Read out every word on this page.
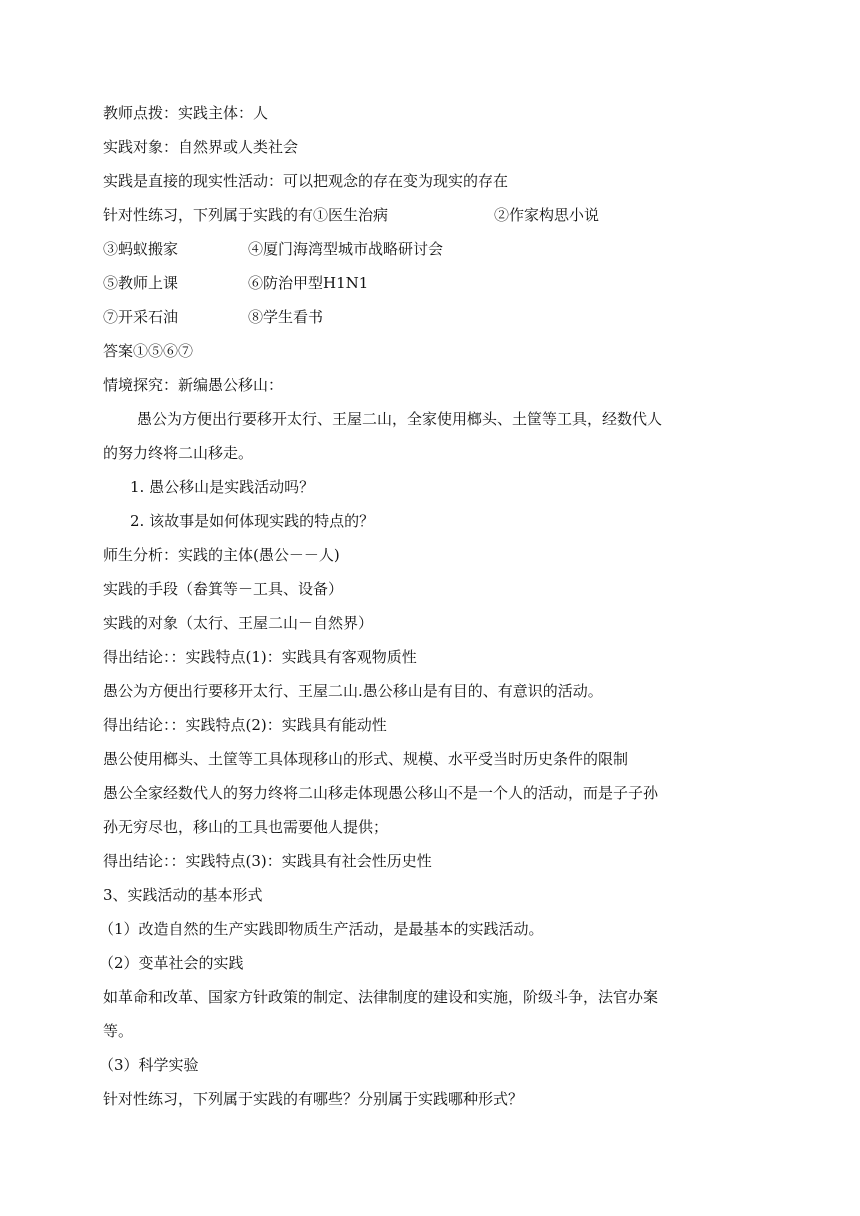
教师点拨：实践主体：人
实践对象：自然界或人类社会
实践是直接的现实性活动：可以把观念的存在变为现实的存在
针对性练习，下列属于实践的有①医生治病	②作家构思小说
③蚂蚁搬家	④厦门海湾型城市战略研讨会
⑤教师上课	⑥防治甲型H1N1
⑦开采石油	⑧学生看书
答案①⑤⑥⑦
情境探究：新编愚公移山：
愚公为方便出行要移开太行、王屋二山，全家使用榔头、土筐等工具，经数代人
的努力终将二山移走。
1. 愚公移山是实践活动吗？
2. 该故事是如何体现实践的特点的？
师生分析：实践的主体(愚公－－人)
实践的手段（畚箕等－工具、设备）
实践的对象（太行、王屋二山－自然界）
得出结论：：实践特点(1)：实践具有客观物质性
愚公为方便出行要移开太行、王屋二山.愚公移山是有目的、有意识的活动。
得出结论：：实践特点(2)：实践具有能动性
愚公使用榔头、土筐等工具体现移山的形式、规模、水平受当时历史条件的限制
愚公全家经数代人的努力终将二山移走体现愚公移山不是一个人的活动，而是子子孙
孙无穷尽也，移山的工具也需要他人提供；
得出结论：：实践特点(3)：实践具有社会性历史性
3、实践活动的基本形式
（1）改造自然的生产实践即物质生产活动，是最基本的实践活动。
（2）变革社会的实践
如革命和改革、国家方针政策的制定、法律制度的建设和实施，阶级斗争，法官办案
等。
（3）科学实验
针对性练习，下列属于实践的有哪些？分别属于实践哪种形式？
